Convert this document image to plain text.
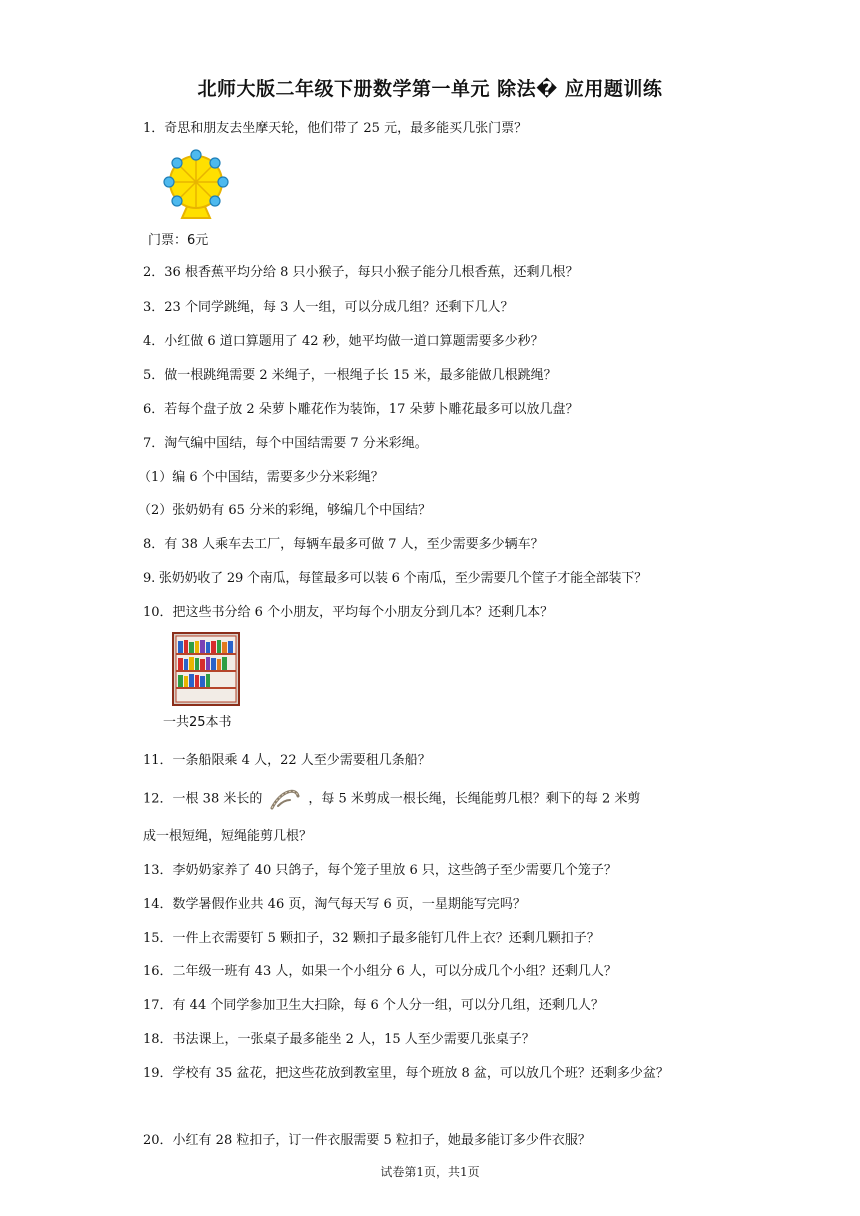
北师大版二年级下册数学第一单元 除法� 应用题训练
1．奇思和朋友去坐摩天轮，他们带了 25 元，最多能买几张门票？
门票：6元
2．36 根香蕉平均分给 8 只小猴子，每只小猴子能分几根香蕉，还剩几根？
3．23 个同学跳绳，每 3 人一组，可以分成几组？还剩下几人？
4．小红做 6 道口算题用了 42 秒，她平均做一道口算题需要多少秒？
5．做一根跳绳需要 2 米绳子，一根绳子长 15 米，最多能做几根跳绳？
6．若每个盘子放 2 朵萝卜雕花作为装饰，17 朵萝卜雕花最多可以放几盘？
7．淘气编中国结，每个中国结需要 7 分米彩绳。
（1）编 6 个中国结，需要多少分米彩绳？
（2）张奶奶有 65 分米的彩绳，够编几个中国结？
8．有 38 人乘车去工厂，每辆车最多可做 7 人，至少需要多少辆车？
9. 张奶奶收了 29 个南瓜，每筐最多可以装 6 个南瓜，至少需要几个筐子才能全部装下？
10．把这些书分给 6 个小朋友，平均每个小朋友分到几本？还剩几本？
一共25本书
11．一条船限乘 4 人，22 人至少需要租几条船？
12．一根 38 米长的	，每 5 米剪成一根长绳，长绳能剪几根？剩下的每 2 米剪
成一根短绳，短绳能剪几根？
13．李奶奶家养了 40 只鸽子，每个笼子里放 6 只，这些鸽子至少需要几个笼子？
14．数学暑假作业共 46 页，淘气每天写 6 页，一星期能写完吗？
15．一件上衣需要钉 5 颗扣子，32 颗扣子最多能钉几件上衣？还剩几颗扣子？
16．二年级一班有 43 人，如果一个小组分 6 人，可以分成几个小组？还剩几人？
17．有 44 个同学参加卫生大扫除，每 6 个人分一组，可以分几组，还剩几人？
18．书法课上，一张桌子最多能坐 2 人，15 人至少需要几张桌子？
19．学校有 35 盆花，把这些花放到教室里，每个班放 8 盆，可以放几个班？还剩多少盆？
20．小红有 28 粒扣子，订一件衣服需要 5 粒扣子，她最多能订多少件衣服？
试卷第1页，共1页
